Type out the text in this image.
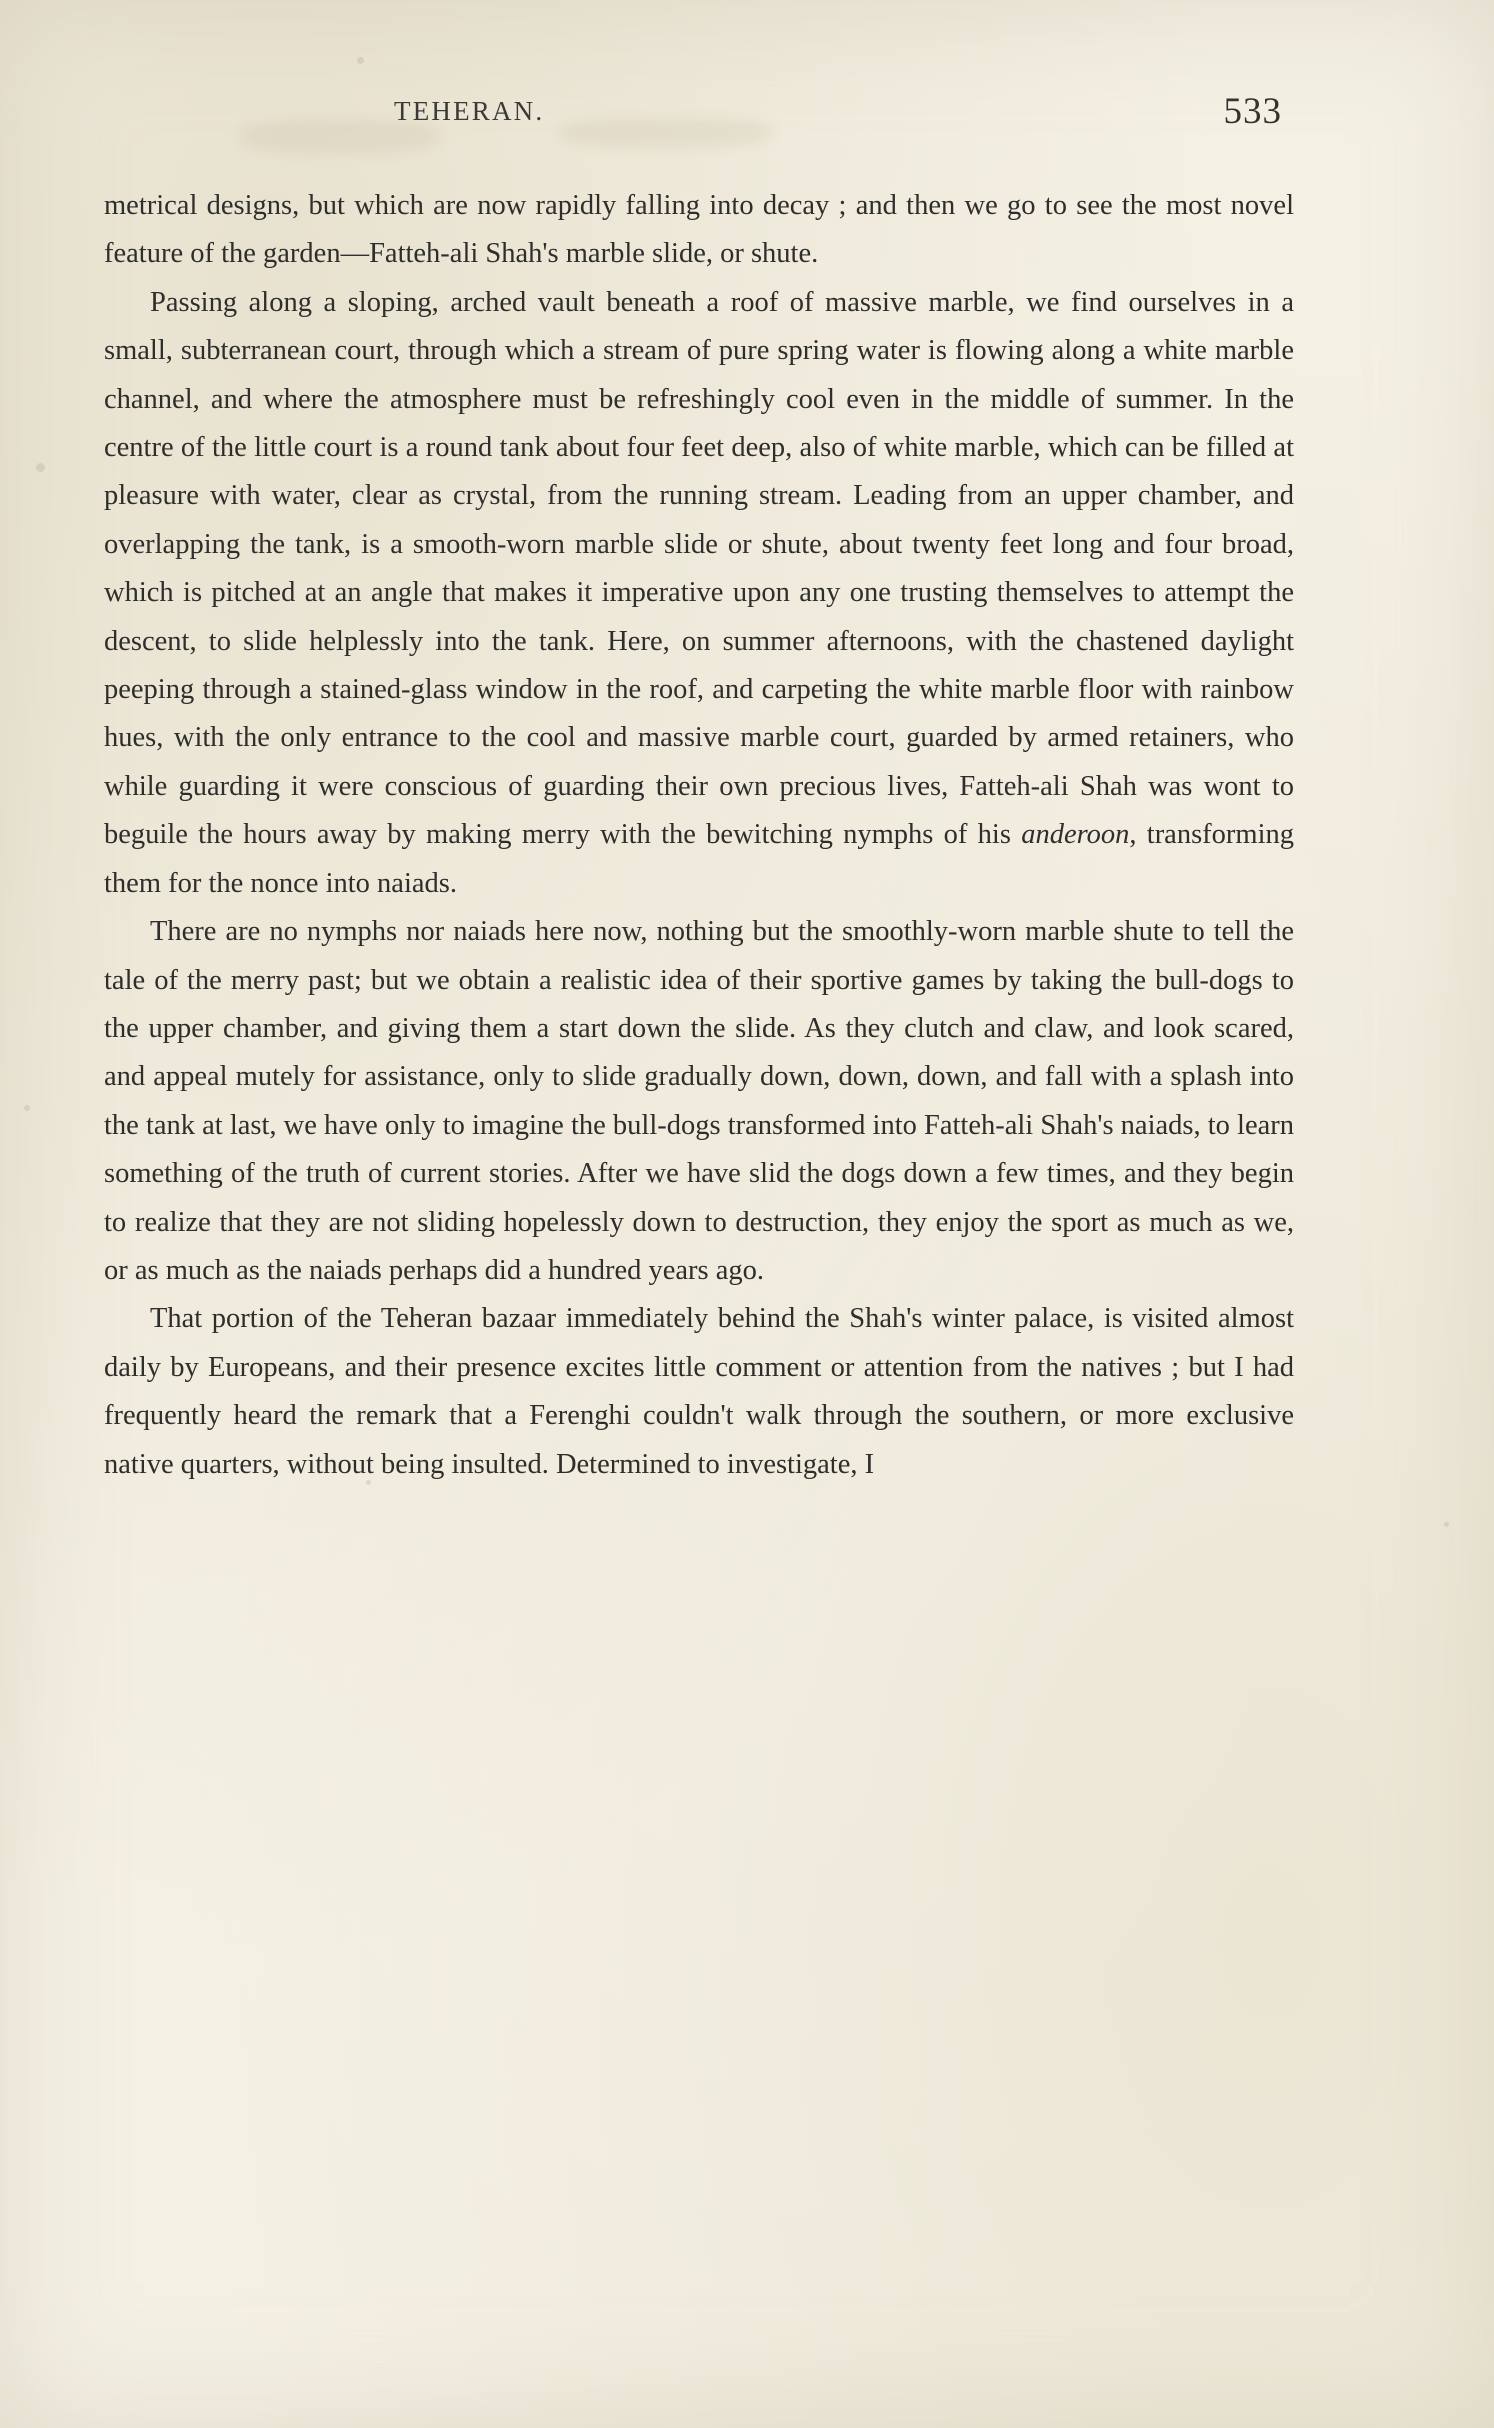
TEHERAN.	533

metrical designs, but which are now rapidly falling into decay ; and then we go to see the most novel feature of the garden—Fatteh-ali Shah's marble slide, or shute.

Passing along a sloping, arched vault beneath a roof of massive marble, we find ourselves in a small, subterranean court, through which a stream of pure spring water is flowing along a white marble channel, and where the atmosphere must be refreshingly cool even in the middle of summer. In the centre of the little court is a round tank about four feet deep, also of white marble, which can be filled at pleasure with water, clear as crystal, from the running stream. Leading from an upper chamber, and overlapping the tank, is a smooth-worn marble slide or shute, about twenty feet long and four broad, which is pitched at an angle that makes it imperative upon any one trusting themselves to attempt the descent, to slide helplessly into the tank. Here, on summer afternoons, with the chastened daylight peeping through a stained-glass window in the roof, and carpeting the white marble floor with rainbow hues, with the only entrance to the cool and massive marble court, guarded by armed retainers, who while guarding it were conscious of guarding their own precious lives, Fatteh-ali Shah was wont to beguile the hours away by making merry with the bewitching nymphs of his anderoon, transforming them for the nonce into naiads.

There are no nymphs nor naiads here now, nothing but the smoothly-worn marble shute to tell the tale of the merry past; but we obtain a realistic idea of their sportive games by taking the bull-dogs to the upper chamber, and giving them a start down the slide. As they clutch and claw, and look scared, and appeal mutely for assistance, only to slide gradually down, down, down, and fall with a splash into the tank at last, we have only to imagine the bull-dogs transformed into Fatteh-ali Shah's naiads, to learn something of the truth of current stories. After we have slid the dogs down a few times, and they begin to realize that they are not sliding hopelessly down to destruction, they enjoy the sport as much as we, or as much as the naiads perhaps did a hundred years ago.

That portion of the Teheran bazaar immediately behind the Shah's winter palace, is visited almost daily by Europeans, and their presence excites little comment or attention from the natives ; but I had frequently heard the remark that a Ferenghi couldn't walk through the southern, or more exclusive native quarters, without being insulted. Determined to investigate, I
